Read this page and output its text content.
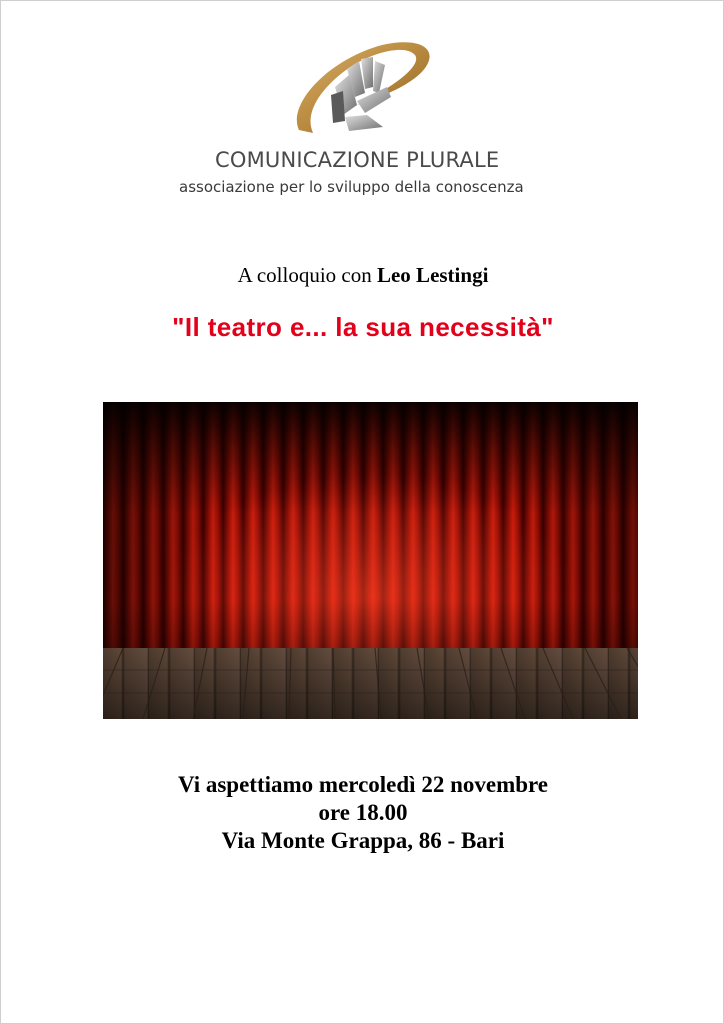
COMUNICAZIONE PLURALE
associazione per lo sviluppo della conoscenza
A colloquio con Leo Lestingi
"Il teatro e... la sua necessità"
Vi aspettiamo mercoledì 22 novembre
ore 18.00
Via Monte Grappa, 86 - Bari
